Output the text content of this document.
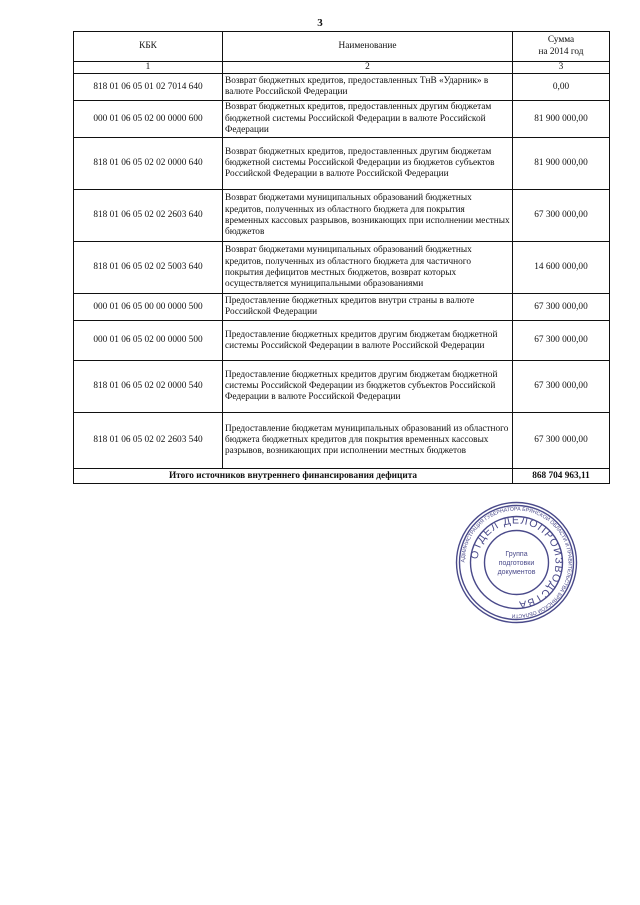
3
КБК	Наименование	Сумма
на 2014 год

1	2	3
818 01 06 05 01 02 7014 640	Возврат бюджетных кредитов, предоставленных ТнВ «Ударник» в валюте Российской Федерации	0,00
000 01 06 05 02 00 0000 600	Возврат бюджетных кредитов, предоставленных другим бюджетам бюджетной системы Российской Федерации в валюте Российской Федерации	81 900 000,00
818 01 06 05 02 02 0000 640	Возврат бюджетных кредитов, предоставленных другим бюджетам бюджетной системы Российской Федерации из бюджетов субъектов Российской Федерации в валюте Российской Федерации	81 900 000,00
818 01 06 05 02 02 2603 640	Возврат бюджетами муниципальных образований бюджетных кредитов, полученных из областного бюджета для покрытия временных кассовых разрывов, возникающих при исполнении местных бюджетов	67 300 000,00
818 01 06 05 02 02 5003 640	Возврат бюджетами муниципальных образований бюджетных кредитов, полученных из областного бюджета для частичного покрытия дефицитов местных бюджетов, возврат которых осуществляется муниципальными образованиями	14 600 000,00
000 01 06 05 00 00 0000 500	Предоставление бюджетных кредитов внутри страны в валюте Российской Федерации	67 300 000,00
000 01 06 05 02 00 0000 500	Предоставление бюджетных кредитов другим бюджетам бюджетной системы Российской Федерации в валюте Российской Федерации	67 300 000,00
818 01 06 05 02 02 0000 540	Предоставление бюджетных кредитов другим бюджетам бюджетной системы Российской Федерации из бюджетов субъектов Российской Федерации в валюте Российской Федерации	67 300 000,00
818 01 06 05 02 02 2603 540	Предоставление бюджетам муниципальных образований из областного бюджета бюджетных кредитов для покрытия временных кассовых разрывов, возникающих при исполнении местных бюджетов	67 300 000,00
Итого источников внутреннего финансирования дефицита		868 704 963,11
АДМИНИСТРАЦИЯ ГУБЕРНАТОРА БРЯНСКОЙ ОБЛАСТИ И ПРАВИТЕЛЬСТВА БРЯНСКОЙ ОБЛАСТИ
ОТДЕЛ ДЕЛОПРОИЗВОДСТВА
Группа
подготовки
документов
